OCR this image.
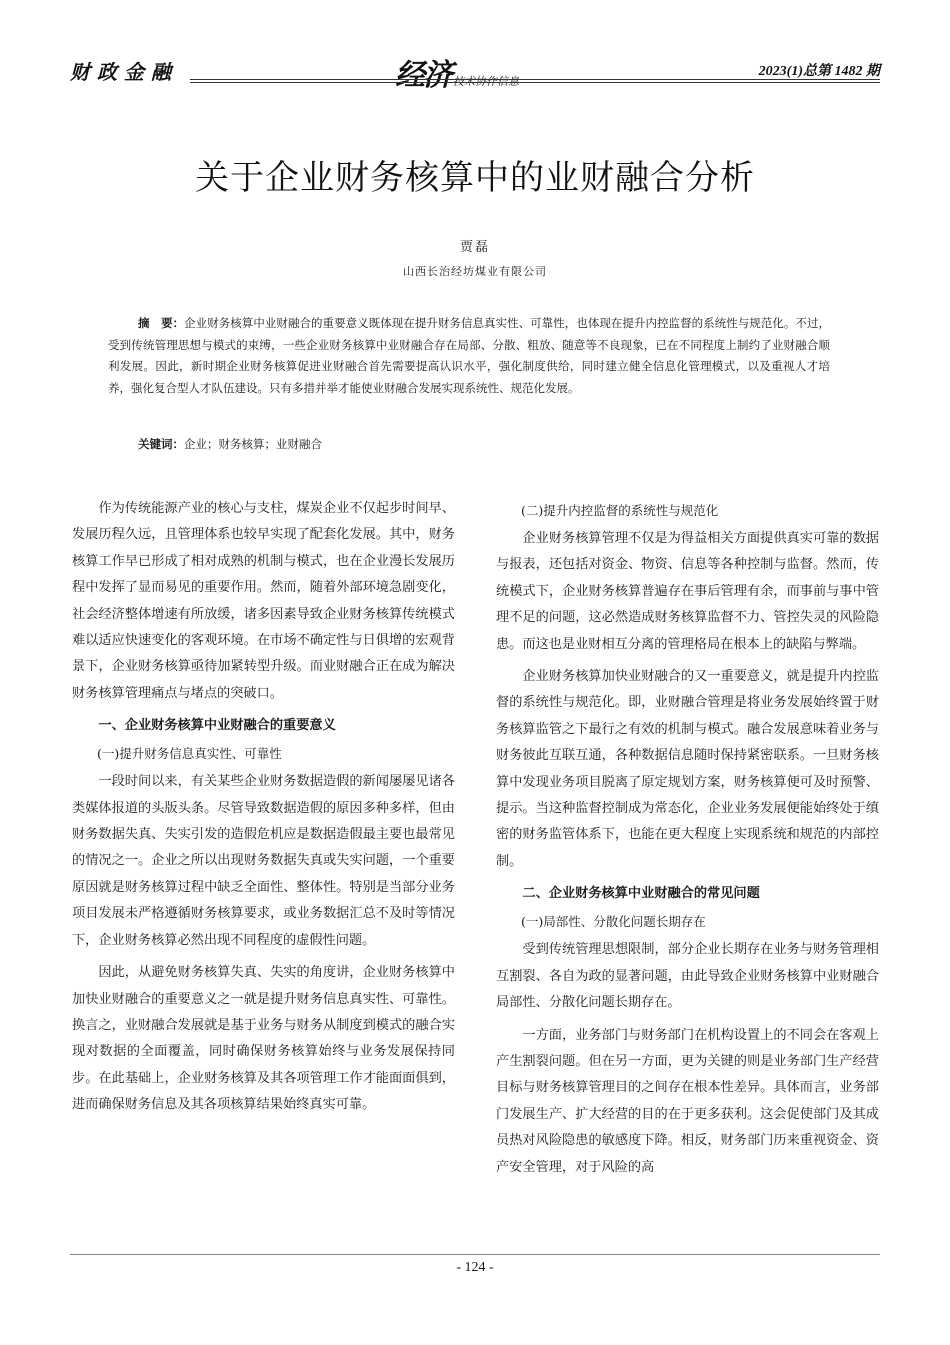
财政金融	经济 技术协作信息
2023(1)总第 1482 期
关于企业财务核算中的业财融合分析
贾磊
山西长治经坊煤业有限公司
摘　要：企业财务核算中业财融合的重要意义既体现在提升财务信息真实性、可靠性，也体现在提升内控监督的系统性与规范化。不过，受到传统管理思想与模式的束缚，一些企业财务核算中业财融合存在局部、分散、粗放、随意等不良现象，已在不同程度上制约了业财融合顺利发展。因此，新时期企业财务核算促进业财融合首先需要提高认识水平，强化制度供给，同时建立健全信息化管理模式，以及重视人才培养，强化复合型人才队伍建设。只有多措并举才能使业财融合发展实现系统性、规范化发展。
关键词：企业；财务核算；业财融合

作为传统能源产业的核心与支柱，煤炭企业不仅起步时间早、发展历程久远，且管理体系也较早实现了配套化发展。其中，财务核算工作早已形成了相对成熟的机制与模式，也在企业漫长发展历程中发挥了显而易见的重要作用。然而，随着外部环境急剧变化，社会经济整体增速有所放缓，诸多因素导致企业财务核算传统模式难以适应快速变化的客观环境。在市场不确定性与日俱增的宏观背景下，企业财务核算亟待加紧转型升级。而业财融合正在成为解决财务核算管理痛点与堵点的突破口。

一、企业财务核算中业财融合的重要意义
(一)提升财务信息真实性、可靠性

一段时间以来，有关某些企业财务数据造假的新闻屡屡见诸各类媒体报道的头版头条。尽管导致数据造假的原因多种多样，但由财务数据失真、失实引发的造假危机应是数据造假最主要也最常见的情况之一。企业之所以出现财务数据失真或失实问题，一个重要原因就是财务核算过程中缺乏全面性、整体性。特别是当部分业务项目发展未严格遵循财务核算要求，或业务数据汇总不及时等情况下，企业财务核算必然出现不同程度的虚假性问题。

因此，从避免财务核算失真、失实的角度讲，企业财务核算中加快业财融合的重要意义之一就是提升财务信息真实性、可靠性。换言之，业财融合发展就是基于业务与财务从制度到模式的融合实现对数据的全面覆盖，同时确保财务核算始终与业务发展保持同步。在此基础上，企业财务核算及其各项管理工作才能面面俱到，进而确保财务信息及其各项核算结果始终真实可靠。

(二)提升内控监督的系统性与规范化

企业财务核算管理不仅是为得益相关方面提供真实可靠的数据与报表，还包括对资金、物资、信息等各种控制与监督。然而，传统模式下，企业财务核算普遍存在事后管理有余，而事前与事中管理不足的问题，这必然造成财务核算监督不力、管控失灵的风险隐患。而这也是业财相互分离的管理格局在根本上的缺陷与弊端。

企业财务核算加快业财融合的又一重要意义，就是提升内控监督的系统性与规范化。即，业财融合管理是将业务发展始终置于财务核算监管之下最行之有效的机制与模式。融合发展意味着业务与财务彼此互联互通，各种数据信息随时保持紧密联系。一旦财务核算中发现业务项目脱离了原定规划方案，财务核算便可及时预警、提示。当这种监督控制成为常态化，企业业务发展便能始终处于缜密的财务监管体系下，也能在更大程度上实现系统和规范的内部控制。

二、企业财务核算中业财融合的常见问题
(一)局部性、分散化问题长期存在

受到传统管理思想限制，部分企业长期存在业务与财务管理相互割裂、各自为政的显著问题，由此导致企业财务核算中业财融合局部性、分散化问题长期存在。

一方面，业务部门与财务部门在机构设置上的不同会在客观上产生割裂问题。但在另一方面，更为关键的则是业务部门生产经营目标与财务核算管理目的之间存在根本性差异。具体而言，业务部门发展生产、扩大经营的目的在于更多获利。这会促使部门及其成员热对风险隐患的敏感度下降。相反，财务部门历来重视资金、资产安全管理，对于风险的高

- 124 -
